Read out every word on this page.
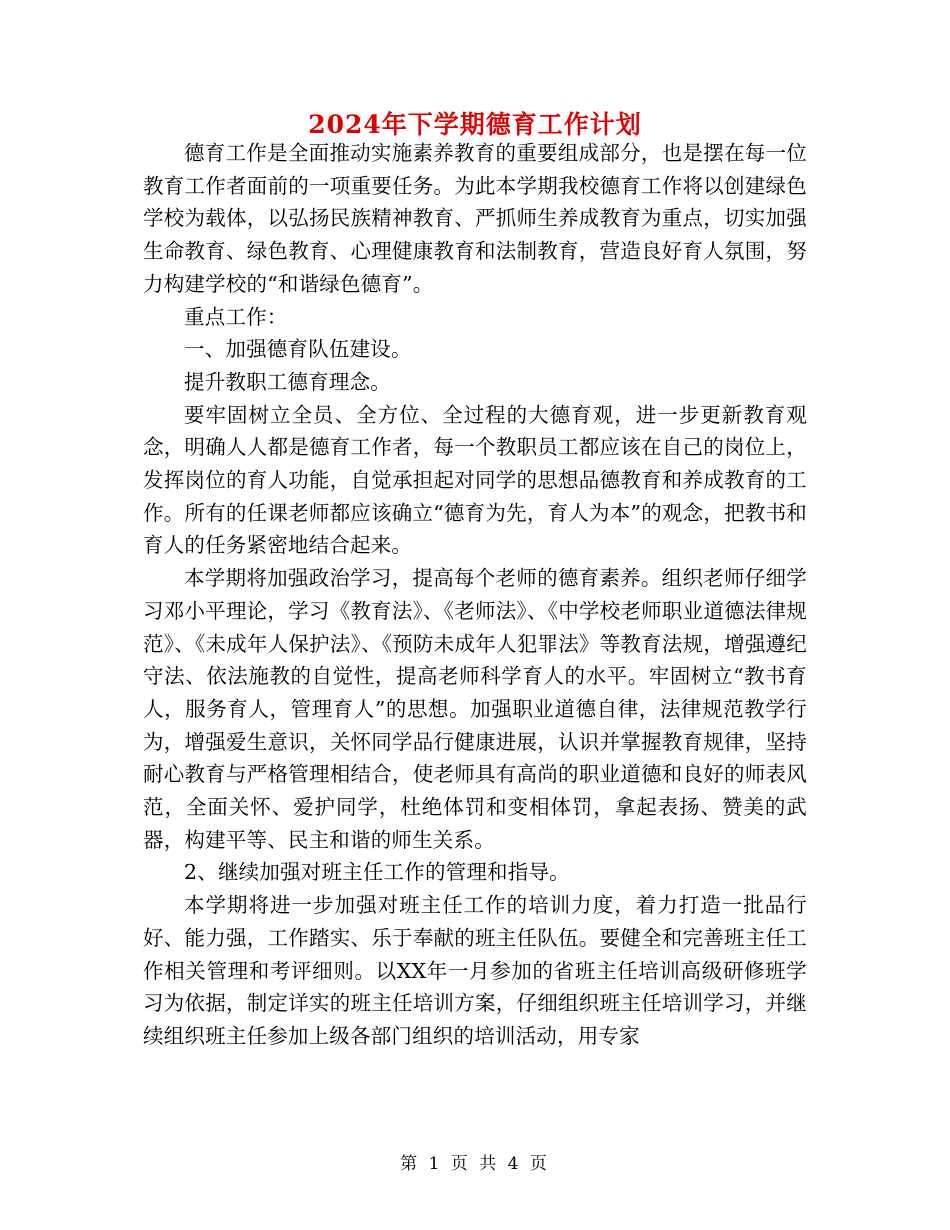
2024年下学期德育工作计划

德育工作是全面推动实施素养教育的重要组成部分，也是摆在每一位教育工作者面前的一项重要任务。为此本学期我校德育工作将以创建绿色学校为载体，以弘扬民族精神教育、严抓师生养成教育为重点，切实加强生命教育、绿色教育、心理健康教育和法制教育，营造良好育人氛围，努力构建学校的“和谐绿色德育”。

重点工作：

一、加强德育队伍建设。

提升教职工德育理念。

要牢固树立全员、全方位、全过程的大德育观，进一步更新教育观念，明确人人都是德育工作者，每一个教职员工都应该在自己的岗位上，发挥岗位的育人功能，自觉承担起对同学的思想品德教育和养成教育的工作。所有的任课老师都应该确立“德育为先，育人为本”的观念，把教书和育人的任务紧密地结合起来。

本学期将加强政治学习，提高每个老师的德育素养。组织老师仔细学习邓小平理论，学习《教育法》、《老师法》、《中学校老师职业道德法律规范》、《未成年人保护法》、《预防未成年人犯罪法》等教育法规，增强遵纪守法、依法施教的自觉性，提高老师科学育人的水平。牢固树立“教书育人，服务育人，管理育人”的思想。加强职业道德自律，法律规范教学行为，增强爱生意识，关怀同学品行健康进展，认识并掌握教育规律，坚持耐心教育与严格管理相结合，使老师具有高尚的职业道德和良好的师表风范，全面关怀、爱护同学，杜绝体罚和变相体罚，拿起表扬、赞美的武器，构建平等、民主和谐的师生关系。

2、继续加强对班主任工作的管理和指导。

本学期将进一步加强对班主任工作的培训力度，着力打造一批品行好、能力强，工作踏实、乐于奉献的班主任队伍。要健全和完善班主任工作相关管理和考评细则。以XX年一月参加的省班主任培训高级研修班学习为依据，制定详实的班主任培训方案，仔细组织班主任培训学习，并继续组织班主任参加上级各部门组织的培训活动，用专家

第 1 页 共 4 页
